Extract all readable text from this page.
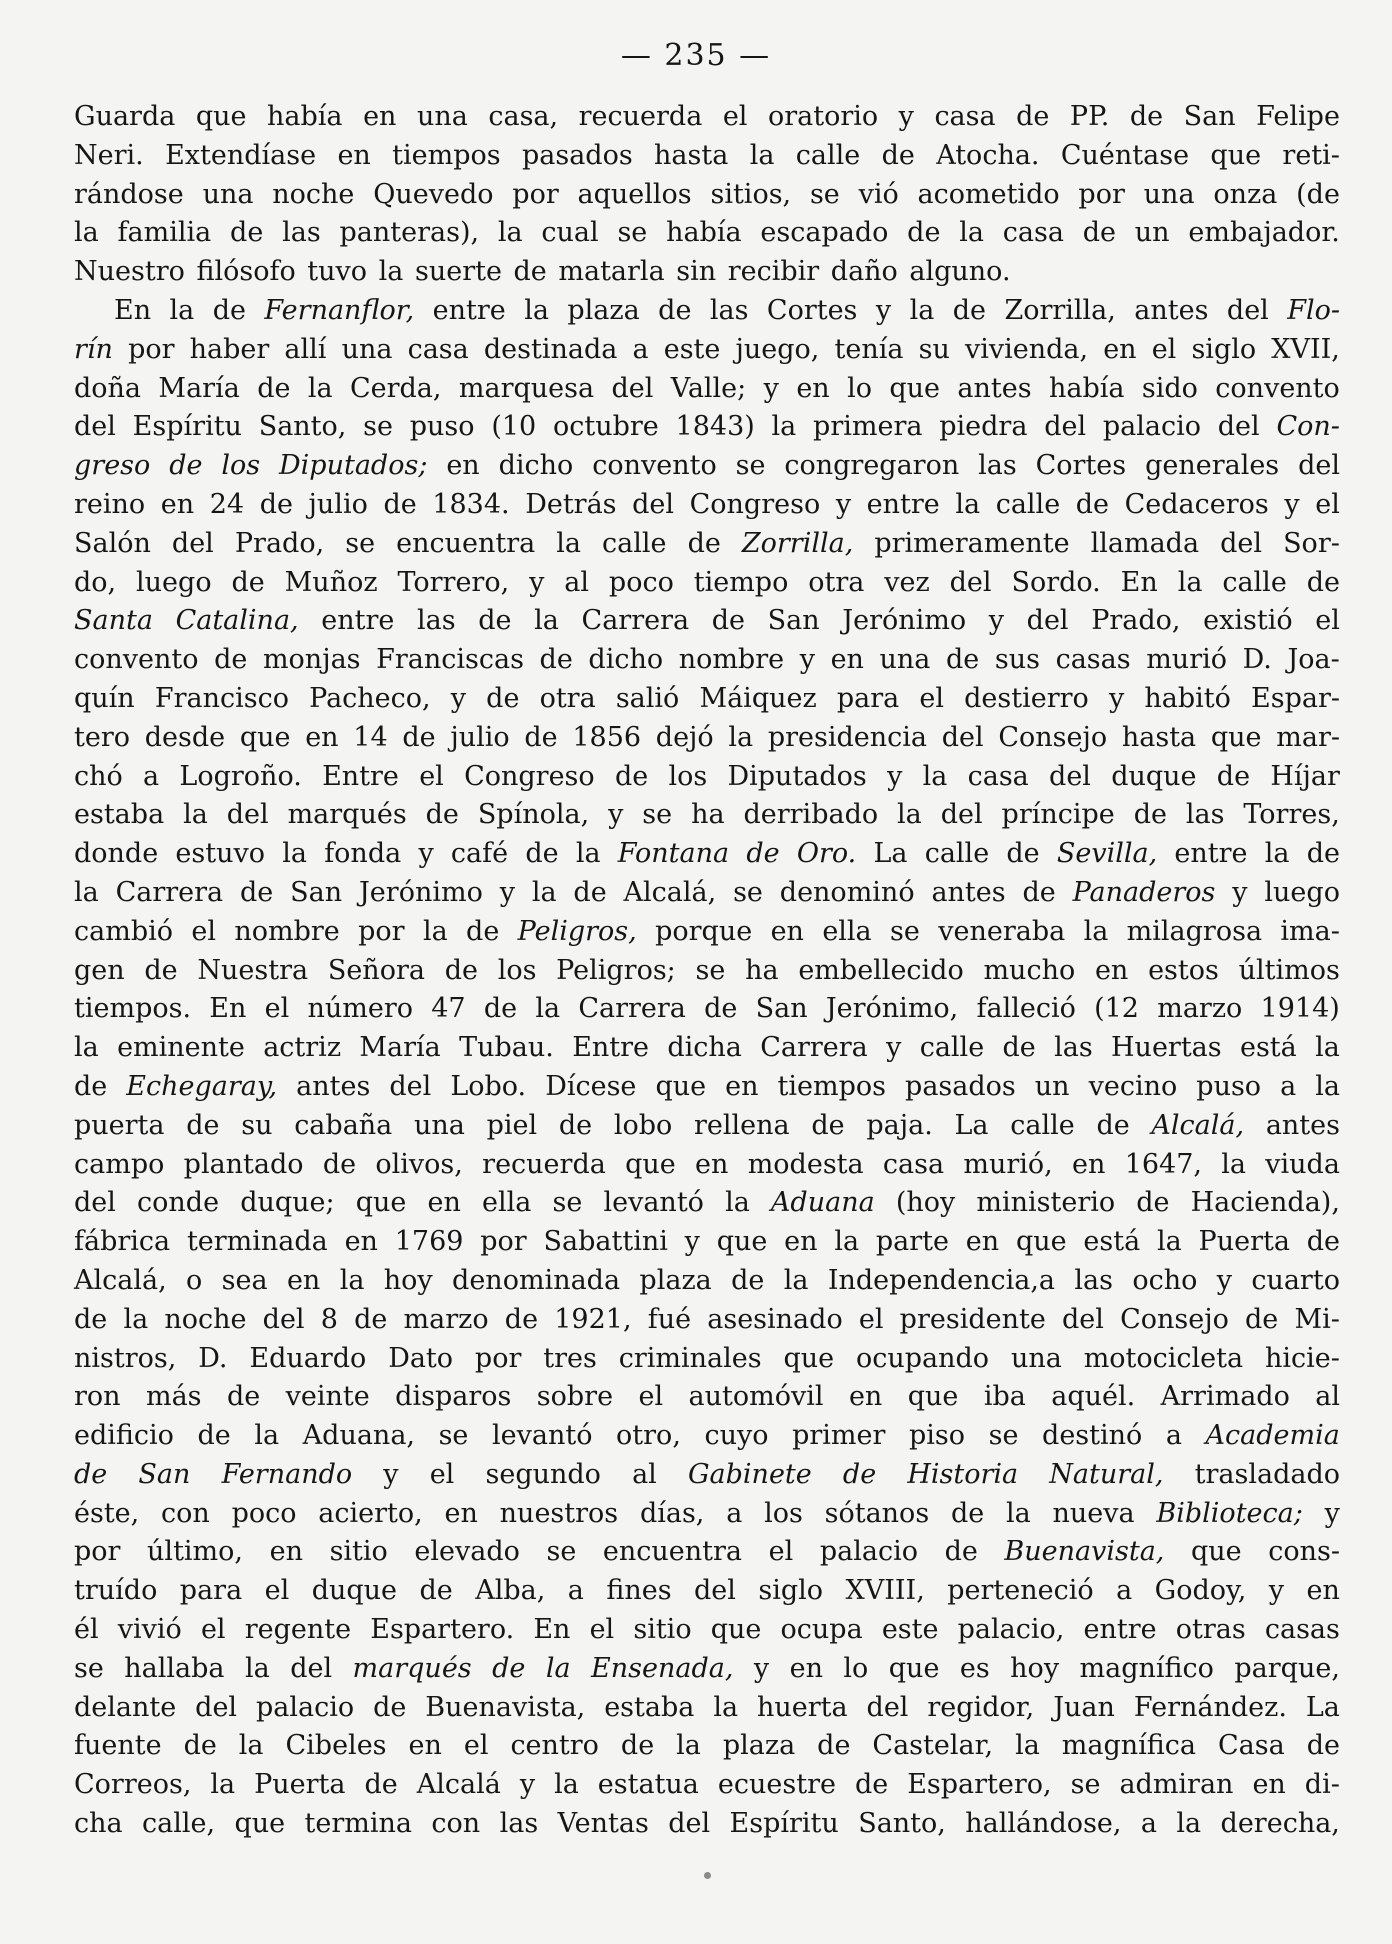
— 235 —
Guarda que había en una casa, recuerda el oratorio y casa de PP. de San Felipe
Neri. Extendíase en tiempos pasados hasta la calle de Atocha. Cuéntase que reti-
rándose una noche Quevedo por aquellos sitios, se vió acometido por una onza (de
la familia de las panteras), la cual se había escapado de la casa de un embajador.
Nuestro filósofo tuvo la suerte de matarla sin recibir daño alguno.
En la de Fernanflor, entre la plaza de las Cortes y la de Zorrilla, antes del Flo-
rín por haber allí una casa destinada a este juego, tenía su vivienda, en el siglo XVII,
doña María de la Cerda, marquesa del Valle; y en lo que antes había sido convento
del Espíritu Santo, se puso (10 octubre 1843) la primera piedra del palacio del Con-
greso de los Diputados; en dicho convento se congregaron las Cortes generales del
reino en 24 de julio de 1834. Detrás del Congreso y entre la calle de Cedaceros y el
Salón del Prado, se encuentra la calle de Zorrilla, primeramente llamada del Sor-
do, luego de Muñoz Torrero, y al poco tiempo otra vez del Sordo. En la calle de
Santa Catalina, entre las de la Carrera de San Jerónimo y del Prado, existió el
convento de monjas Franciscas de dicho nombre y en una de sus casas murió D. Joa-
quín Francisco Pacheco, y de otra salió Máiquez para el destierro y habitó Espar-
tero desde que en 14 de julio de 1856 dejó la presidencia del Consejo hasta que mar-
chó a Logroño. Entre el Congreso de los Diputados y la casa del duque de Híjar
estaba la del marqués de Spínola, y se ha derribado la del príncipe de las Torres,
donde estuvo la fonda y café de la Fontana de Oro. La calle de Sevilla, entre la de
la Carrera de San Jerónimo y la de Alcalá, se denominó antes de Panaderos y luego
cambió el nombre por la de Peligros, porque en ella se veneraba la milagrosa ima-
gen de Nuestra Señora de los Peligros; se ha embellecido mucho en estos últimos
tiempos. En el número 47 de la Carrera de San Jerónimo, falleció (12 marzo 1914)
la eminente actriz María Tubau. Entre dicha Carrera y calle de las Huertas está la
de Echegaray, antes del Lobo. Dícese que en tiempos pasados un vecino puso a la
puerta de su cabaña una piel de lobo rellena de paja. La calle de Alcalá, antes
campo plantado de olivos, recuerda que en modesta casa murió, en 1647, la viuda
del conde duque; que en ella se levantó la Aduana (hoy ministerio de Hacienda),
fábrica terminada en 1769 por Sabattini y que en la parte en que está la Puerta de
Alcalá, o sea en la hoy denominada plaza de la Independencia,a las ocho y cuarto
de la noche del 8 de marzo de 1921, fué asesinado el presidente del Consejo de Mi-
nistros, D. Eduardo Dato por tres criminales que ocupando una motocicleta hicie-
ron más de veinte disparos sobre el automóvil en que iba aquél. Arrimado al
edificio de la Aduana, se levantó otro, cuyo primer piso se destinó a Academia
de San Fernando y el segundo al Gabinete de Historia Natural, trasladado
éste, con poco acierto, en nuestros días, a los sótanos de la nueva Biblioteca; y
por último, en sitio elevado se encuentra el palacio de Buenavista, que cons-
truído para el duque de Alba, a fines del siglo XVIII, perteneció a Godoy, y en
él vivió el regente Espartero. En el sitio que ocupa este palacio, entre otras casas
se hallaba la del marqués de la Ensenada, y en lo que es hoy magnífico parque,
delante del palacio de Buenavista, estaba la huerta del regidor, Juan Fernández. La
fuente de la Cibeles en el centro de la plaza de Castelar, la magnífica Casa de
Correos, la Puerta de Alcalá y la estatua ecuestre de Espartero, se admiran en di-
cha calle, que termina con las Ventas del Espíritu Santo, hallándose, a la derecha,
